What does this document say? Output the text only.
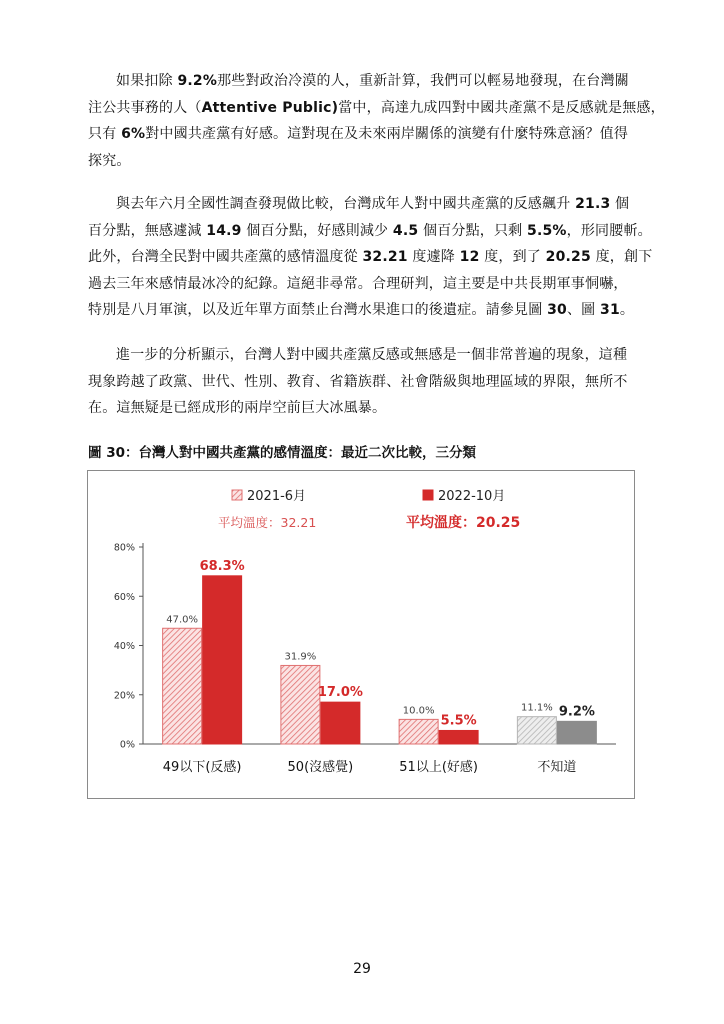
如果扣除 9.2%那些對政治冷漠的人，重新計算，我們可以輕易地發現，在台灣關
注公共事務的人（Attentive Public)當中，高達九成四對中國共產黨不是反感就是無感，
只有 6%對中國共產黨有好感。這對現在及未來兩岸關係的演變有什麼特殊意涵？值得
探究。

與去年六月全國性調查發現做比較，台灣成年人對中國共產黨的反感飆升 21.3 個
百分點，無感遽減 14.9 個百分點，好感則減少 4.5 個百分點，只剩 5.5%，形同腰斬。
此外，台灣全民對中國共產黨的感情溫度從 32.21 度遽降 12 度，到了 20.25 度，創下
過去三年來感情最冰冷的紀錄。這絕非尋常。合理研判，這主要是中共長期軍事恫嚇，
特別是八月軍演，以及近年單方面禁止台灣水果進口的後遺症。請參見圖 30、圖 31。

進一步的分析顯示，台灣人對中國共產黨反感或無感是一個非常普遍的現象，這種
現象跨越了政黨、世代、性別、教育、省籍族群、社會階級與地理區域的界限，無所不
在。這無疑是已經成形的兩岸空前巨大冰風暴。

圖 30：台灣人對中國共產黨的感情溫度：最近二次比較，三分類

2021-6月
平均溫度：32.21
2022-10月
平均溫度：20.25
0%
20%
40%
60%
80%
47.0%
68.3%
49以下(反感)
31.9%
17.0%
50(沒感覺)
10.0%
5.5%
51以上(好感)
11.1% 9.2%
不知道

29
